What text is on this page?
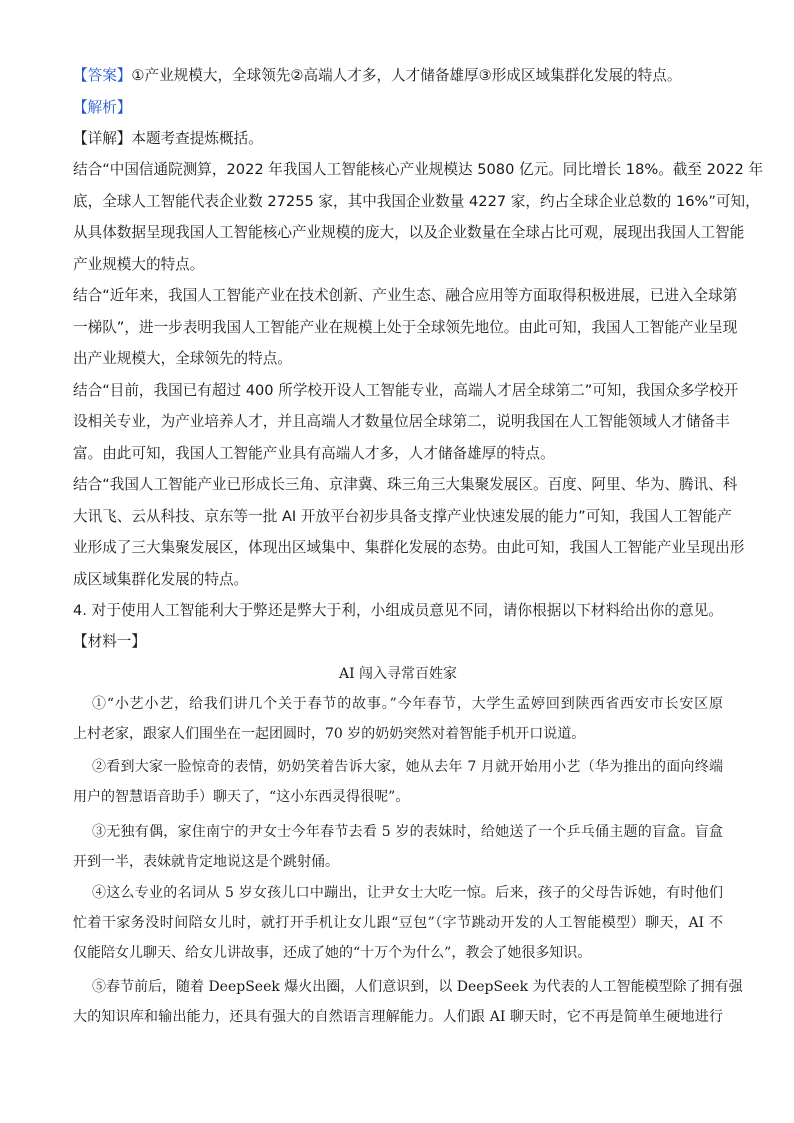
【答案】①产业规模大，全球领先②高端人才多，人才储备雄厚③形成区域集群化发展的特点。
【解析】
【详解】本题考查提炼概括。
结合“中国信通院测算，2022 年我国人工智能核心产业规模达 5080 亿元。同比增长 18%。截至 2022 年
底，全球人工智能代表企业数 27255 家，其中我国企业数量 4227 家，约占全球企业总数的 16%”可知，
从具体数据呈现我国人工智能核心产业规模的庞大，以及企业数量在全球占比可观，展现出我国人工智能
产业规模大的特点。
结合“近年来，我国人工智能产业在技术创新、产业生态、融合应用等方面取得积极进展，已进入全球第
一梯队”，进一步表明我国人工智能产业在规模上处于全球领先地位。由此可知，我国人工智能产业呈现
出产业规模大，全球领先的特点。
结合“目前，我国已有超过 400 所学校开设人工智能专业，高端人才居全球第二”可知，我国众多学校开
设相关专业，为产业培养人才，并且高端人才数量位居全球第二，说明我国在人工智能领域人才储备丰
富。由此可知，我国人工智能产业具有高端人才多，人才储备雄厚的特点。
结合“我国人工智能产业已形成长三角、京津冀、珠三角三大集聚发展区。百度、阿里、华为、腾讯、科
大讯飞、云从科技、京东等一批 AI 开放平台初步具备支撑产业快速发展的能力”可知，我国人工智能产
业形成了三大集聚发展区，体现出区域集中、集群化发展的态势。由此可知，我国人工智能产业呈现出形
成区域集群化发展的特点。
4. 对于使用人工智能利大于弊还是弊大于利，小组成员意见不同，请你根据以下材料给出你的意见。
【材料一】
AI 闯入寻常百姓家
①“小艺小艺，给我们讲几个关于春节的故事。”今年春节，大学生孟婷回到陕西省西安市长安区原
上村老家，跟家人们围坐在一起团圆时，70 岁的奶奶突然对着智能手机开口说道。
②看到大家一脸惊奇的表情，奶奶笑着告诉大家，她从去年 7 月就开始用小艺（华为推出的面向终端
用户的智慧语音助手）聊天了，“这小东西灵得很呢”。
③无独有偶，家住南宁的尹女士今年春节去看 5 岁的表妹时，给她送了一个乒乓俑主题的盲盒。盲盒
开到一半，表妹就肯定地说这是个跳射俑。
④这么专业的名词从 5 岁女孩儿口中蹦出，让尹女士大吃一惊。后来，孩子的父母告诉她，有时他们
忙着干家务没时间陪女儿时，就打开手机让女儿跟“豆包”（字节跳动开发的人工智能模型）聊天，AI 不
仅能陪女儿聊天、给女儿讲故事，还成了她的“十万个为什么”，教会了她很多知识。
⑤春节前后，随着 DeepSeek 爆火出圈，人们意识到，以 DeepSeek 为代表的人工智能模型除了拥有强
大的知识库和输出能力，还具有强大的自然语言理解能力。人们跟 AI 聊天时，它不再是简单生硬地进行
